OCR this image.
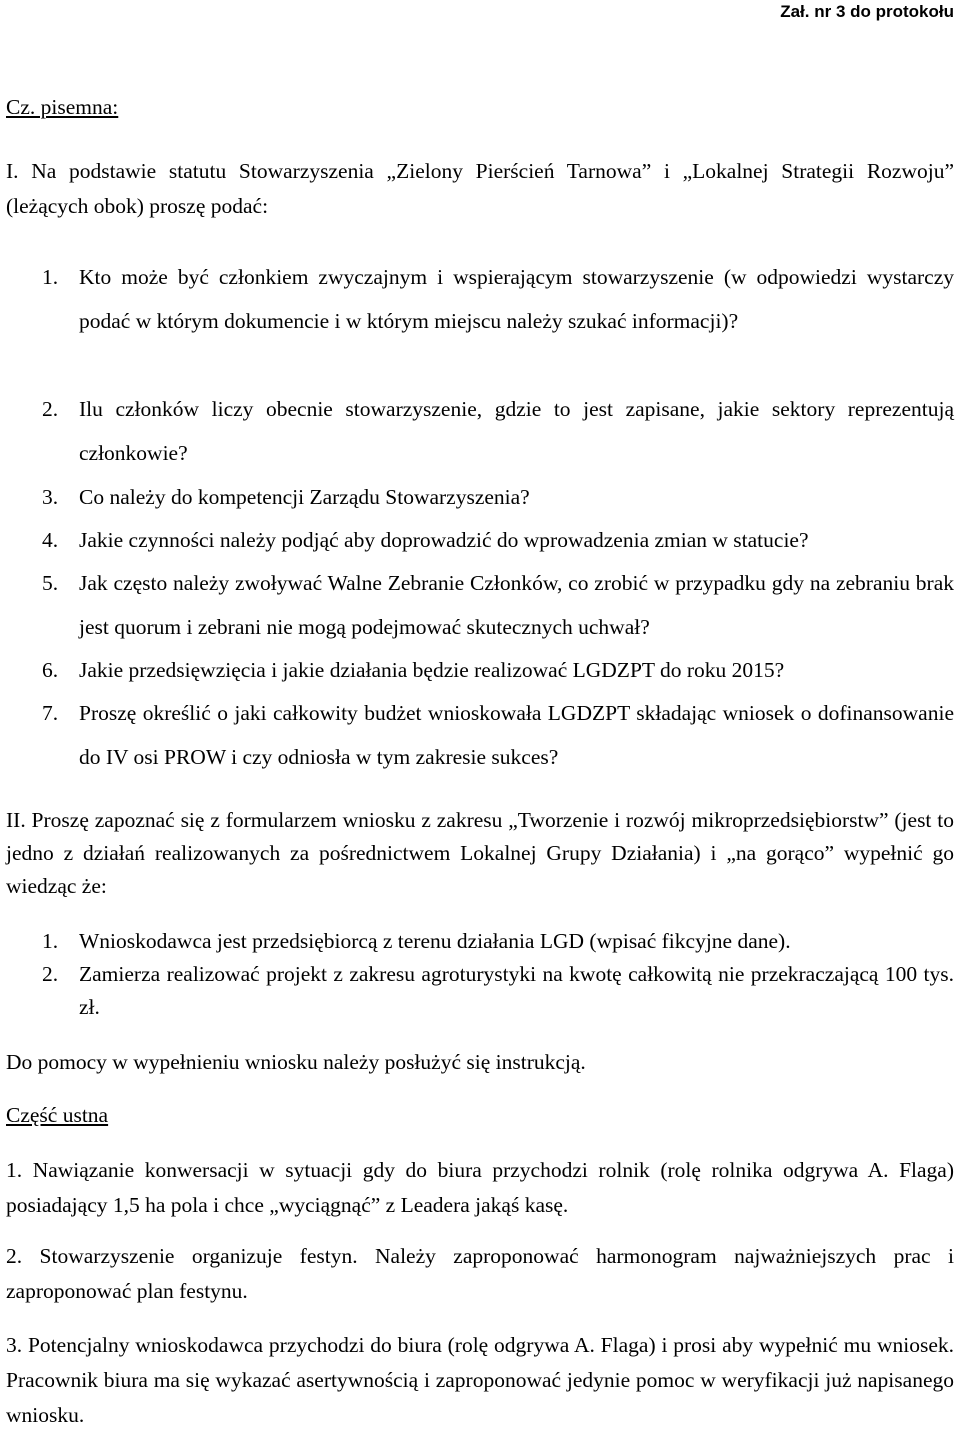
Zał. nr 3 do protokołu

Cz. pisemna:

I. Na podstawie statutu Stowarzyszenia „Zielony Pierścień Tarnowa” i „Lokalnej Strategii Rozwoju” (leżących obok) proszę podać:

1. Kto może być członkiem zwyczajnym i wspierającym stowarzyszenie (w odpowiedzi wystarczy podać w którym dokumencie i w którym miejscu należy szukać informacji)?
2. Ilu członków liczy obecnie stowarzyszenie, gdzie to jest zapisane, jakie sektory reprezentują członkowie?
3. Co należy do kompetencji Zarządu Stowarzyszenia?
4. Jakie czynności należy podjąć aby doprowadzić do wprowadzenia zmian w statucie?
5. Jak często należy zwoływać Walne Zebranie Członków, co zrobić w przypadku gdy na zebraniu brak jest quorum i zebrani nie mogą podejmować skutecznych uchwał?
6. Jakie przedsięwzięcia i jakie działania będzie realizować LGDZPT do roku 2015?
7. Proszę określić o jaki całkowity budżet wnioskowała LGDZPT składając wniosek o dofinansowanie do IV osi PROW i czy odniosła w tym zakresie sukces?

II. Proszę zapoznać się z formularzem wniosku z zakresu „Tworzenie i rozwój mikroprzedsiębiorstw” (jest to jedno z działań realizowanych za pośrednictwem Lokalnej Grupy Działania) i „na gorąco” wypełnić go wiedząc że:

1. Wnioskodawca jest przedsiębiorcą z terenu działania LGD (wpisać fikcyjne dane).
2. Zamierza realizować projekt z zakresu agroturystyki na kwotę całkowitą nie przekraczającą 100 tys. zł.

Do pomocy w wypełnieniu wniosku należy posłużyć się instrukcją.

Część ustna

1. Nawiązanie konwersacji w sytuacji gdy do biura przychodzi rolnik (rolę rolnika odgrywa A. Flaga) posiadający 1,5 ha pola i chce „wyciągnąć” z Leadera jakąś kasę.

2. Stowarzyszenie organizuje festyn. Należy zaproponować harmonogram najważniejszych prac i zaproponować plan festynu.

3. Potencjalny wnioskodawca przychodzi do biura (rolę odgrywa A. Flaga) i prosi aby wypełnić mu wniosek. Pracownik biura ma się wykazać asertywnością i zaproponować jedynie pomoc w weryfikacji już napisanego wniosku.
